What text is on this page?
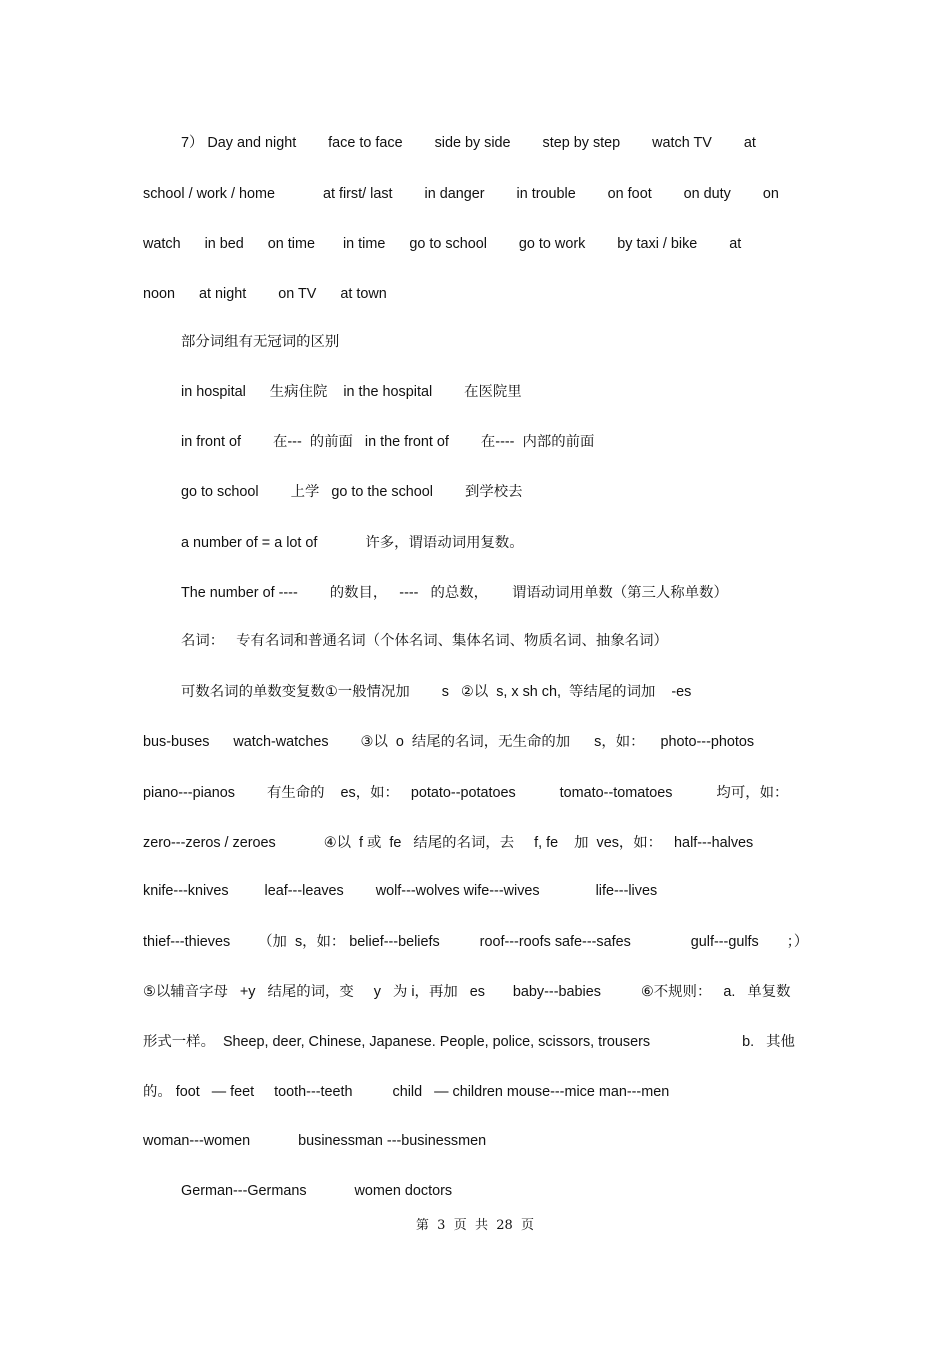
7） Day and night        face to face        side by side        step by step        watch TV        at
school / work / home            at first/ last        in danger        in trouble        on foot        on duty        on
watch      in bed      on time       in time      go to school        go to work        by taxi / bike        at
noon      at night        on TV      at town
部分词组有无冠词的区别
in hospital      生病住院    in the hospital        在医院里
in front of        在---  的前面   in the front of        在----  内部的前面
go to school        上学   go to the school        到学校去
a number of = a lot of            许多，谓语动词用复数。
The number of ----        的数目，   ----   的总数，      谓语动词用单数（第三人称单数）
名词：   专有名词和普通名词（个体名词、集体名词、物质名词、抽象名词）
可数名词的单数变复数①一般情况加        s   ②以  s, x sh ch,  等结尾的词加    -es
bus-buses      watch-watches        ③以  o  结尾的名词，无生命的加      s，如：    photo---photos
piano---pianos        有生命的    es，如：   potato--potatoes           tomato--tomatoes           均可，如：
zero---zeros / zeroes            ④以  f 或  fe   结尾的名词，去     f, fe    加  ves，如：   half---halves
knife---knives         leaf---leaves        wolf---wolves wife---wives              life---lives
thief---thieves       （加  s，如： belief---beliefs          roof---roofs safe---safes               gulf---gulfs       ；）
⑤以辅音字母   +y   结尾的词，变     y   为 i，再加   es       baby---babies          ⑥不规则：   a.   单复数
形式一样。  Sheep, deer, Chinese, Japanese. People, police, scissors, trousers                       b.   其他
的。 foot   — feet     tooth---teeth          child   — children mouse---mice man---men
woman---women            businessman ---businessmen
German---Germans            women doctors
第  3  页  共  28  页
